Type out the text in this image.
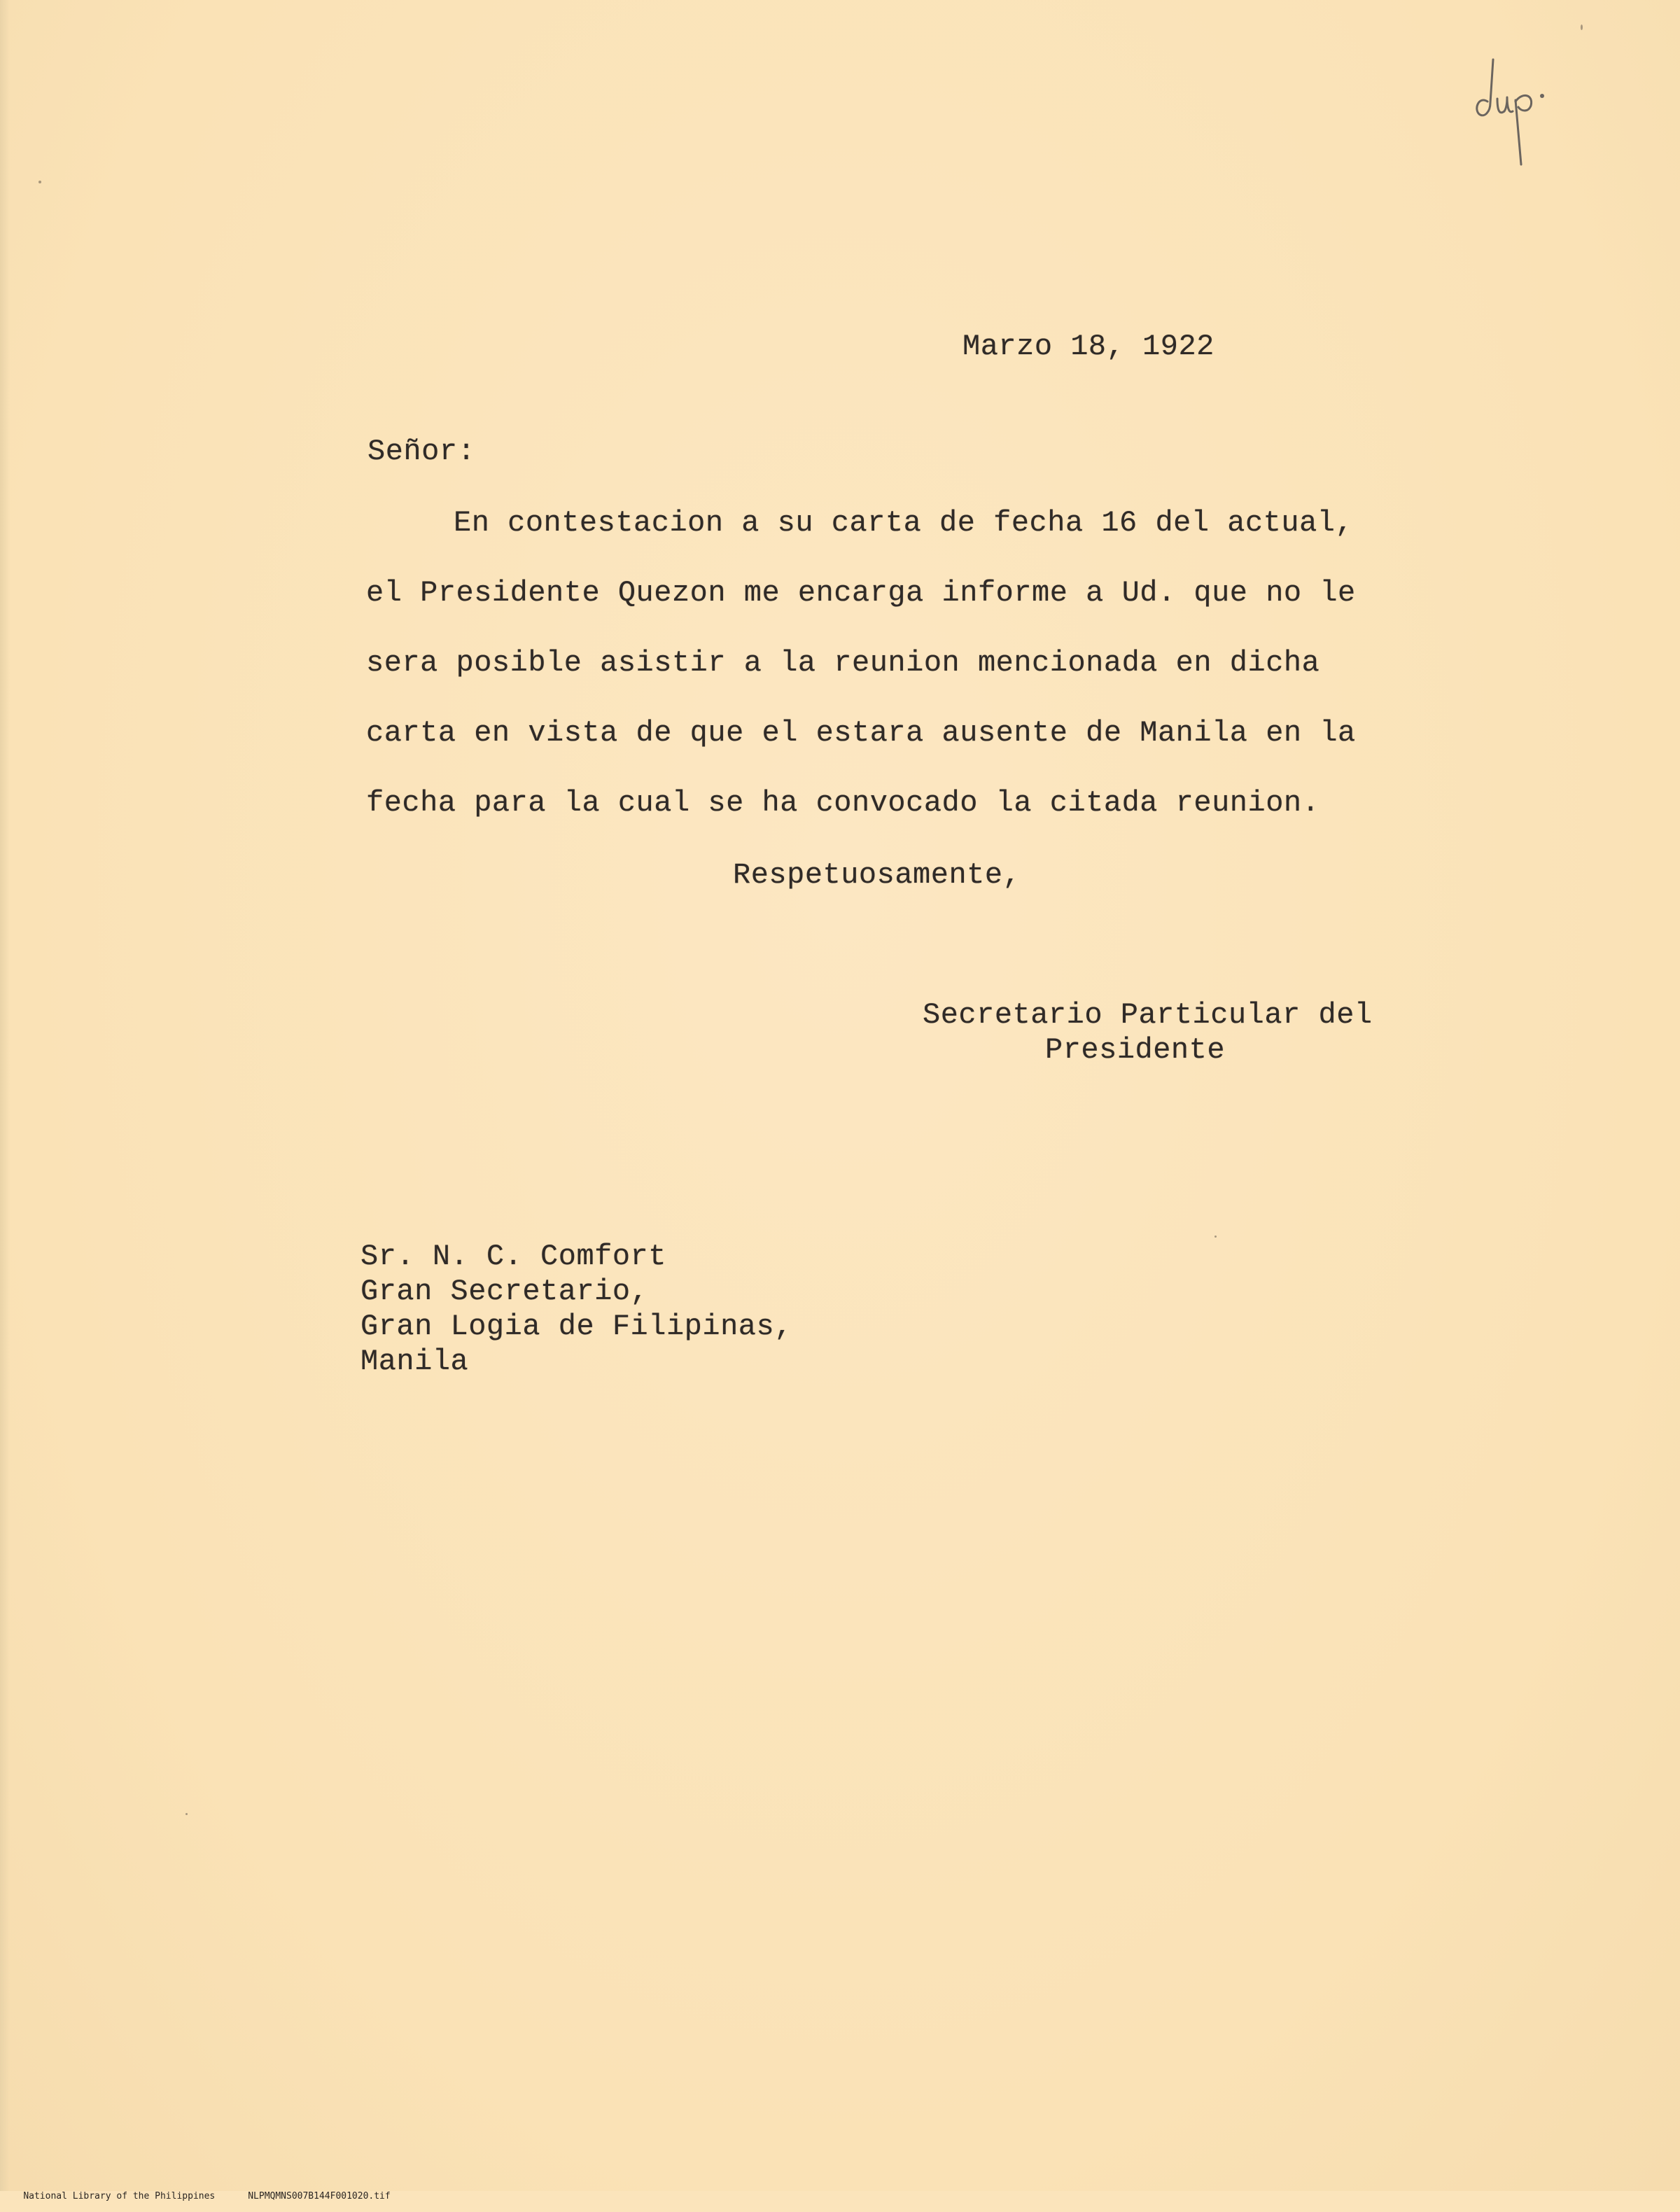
Marzo 18, 1922
Señor:
En contestacion a su carta de fecha 16 del actual,
el Presidente Quezon me encarga informe a Ud. que no le
sera posible asistir a la reunion mencionada en dicha
carta en vista de que el estara ausente de Manila en la
fecha para la cual se ha convocado la citada reunion.
Respetuosamente,
Secretario Particular del
Presidente
Sr. N. C. Comfort
Gran Secretario,
Gran Logia de Filipinas,
Manila

National Library of the Philippines	NLPMQMNS007B144F001020.tif
